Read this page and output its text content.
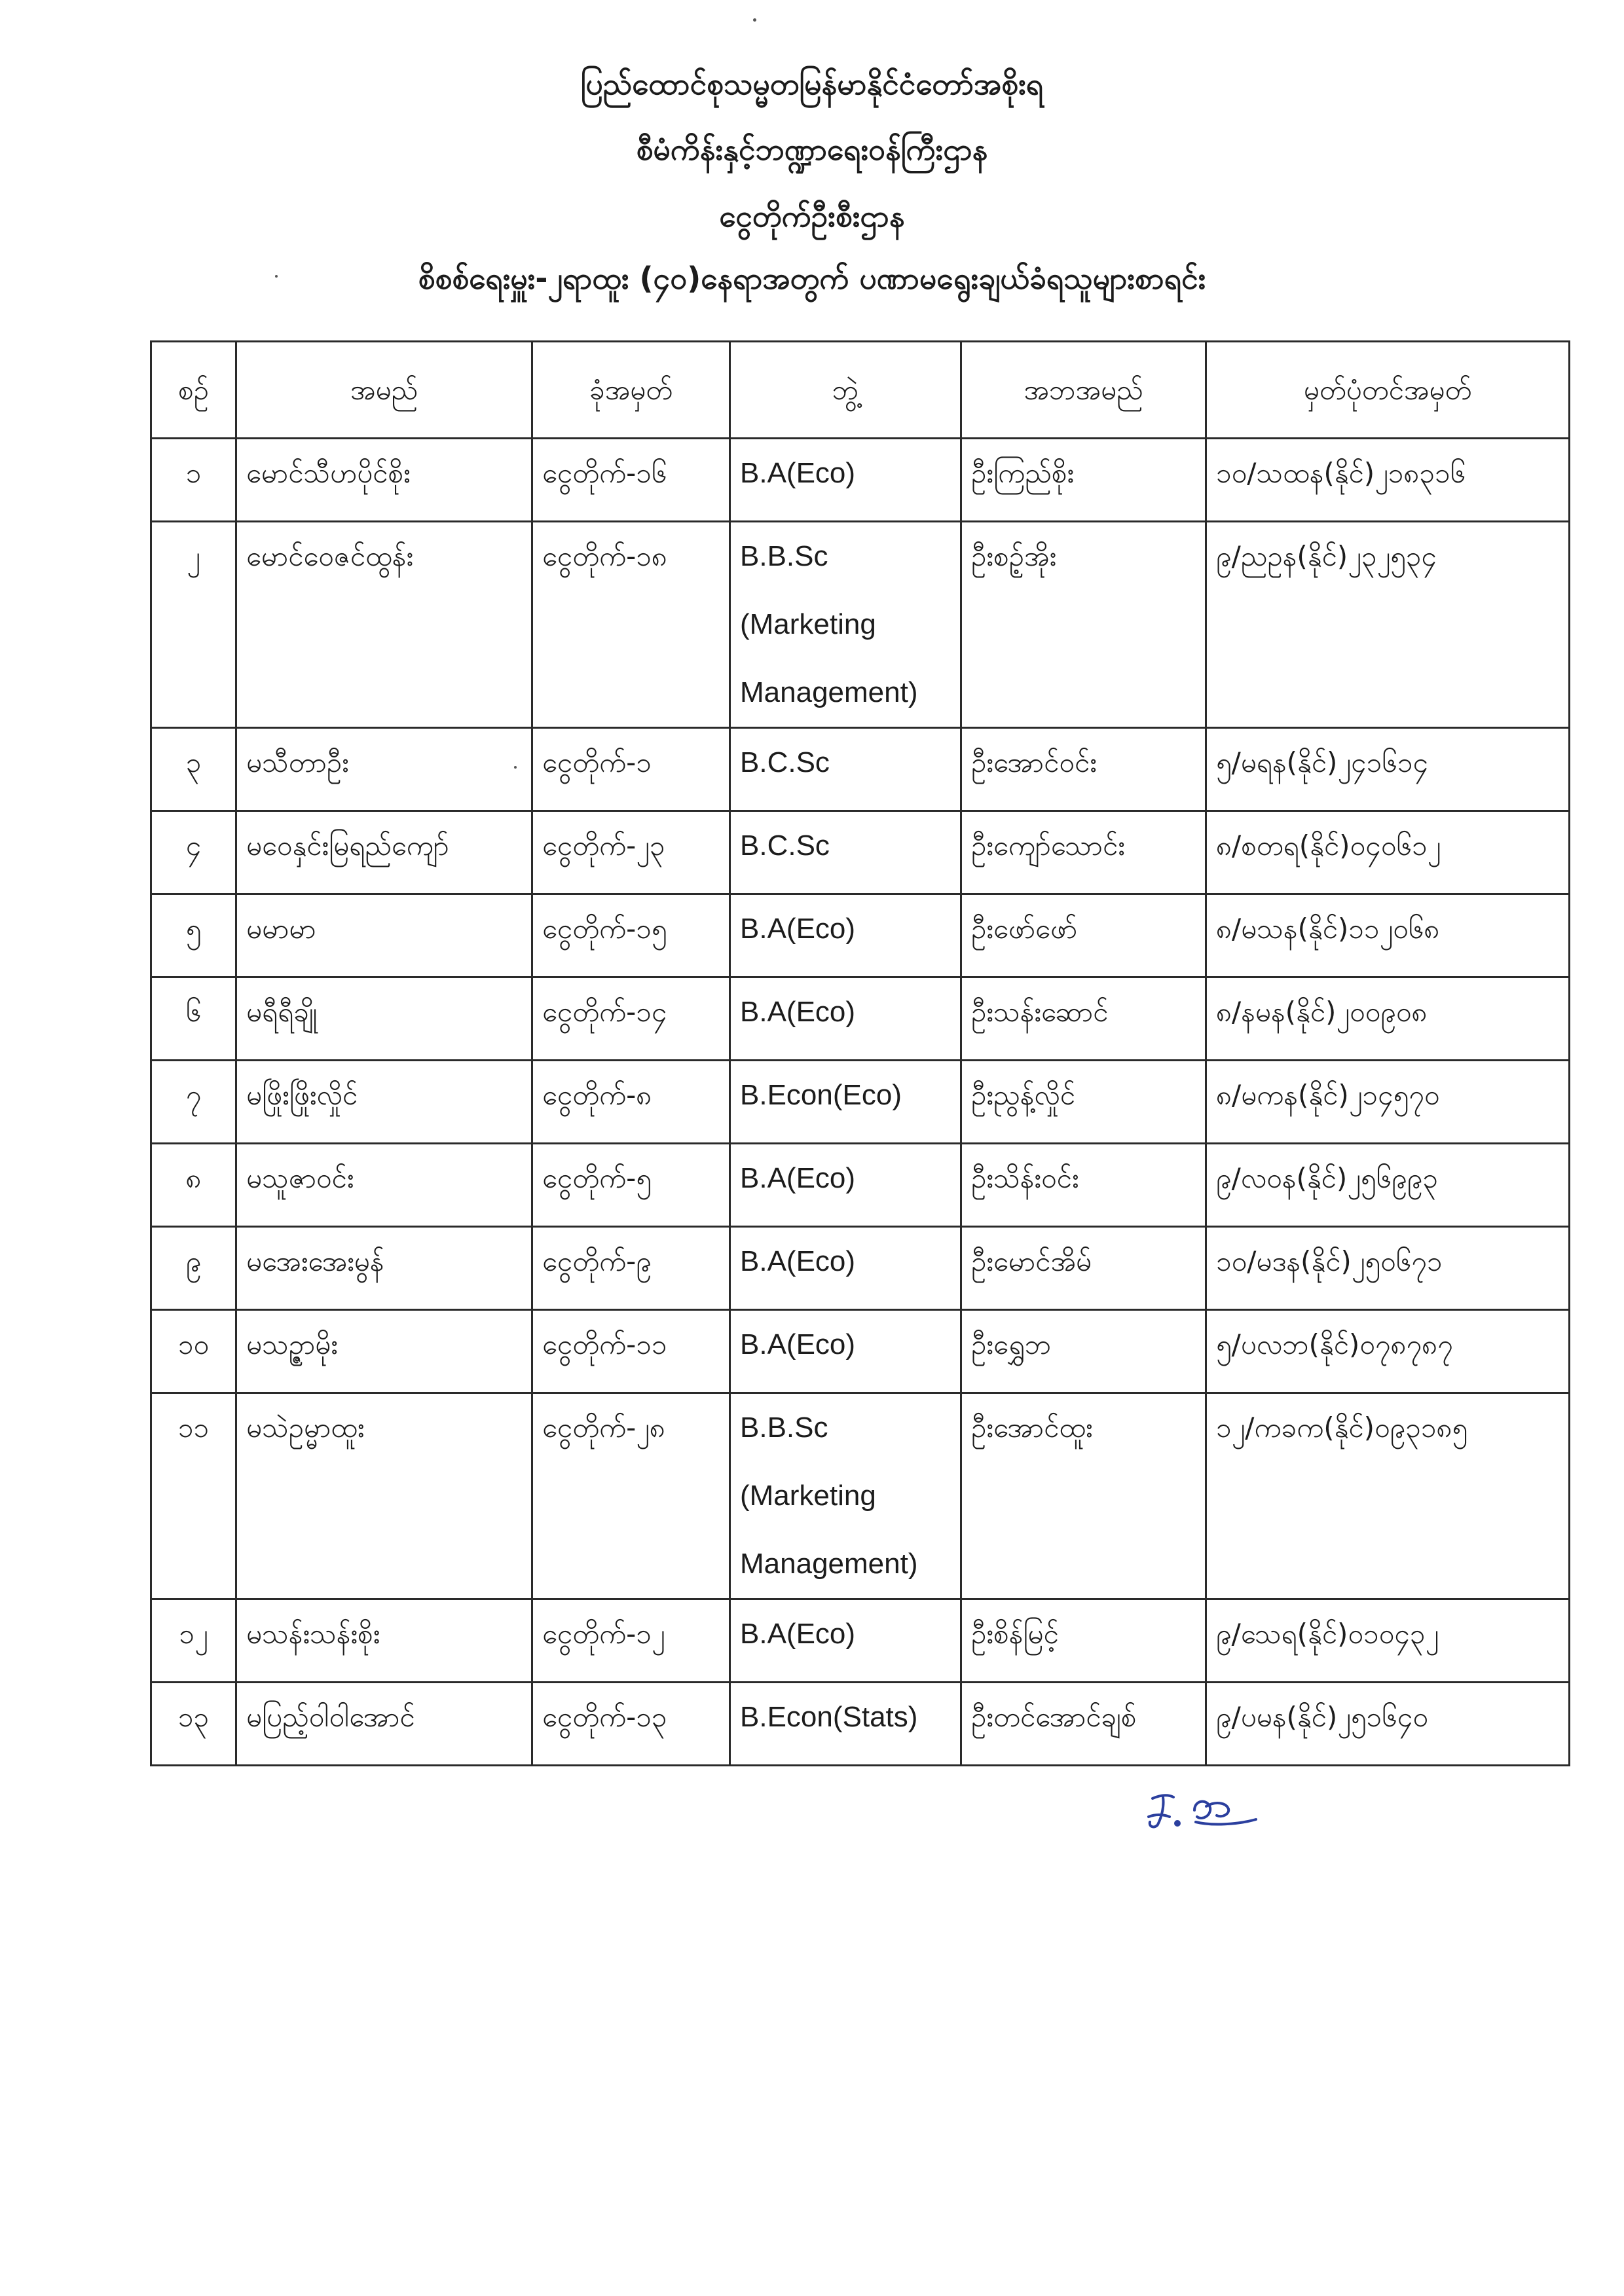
ပြည်ထောင်စုသမ္မတမြန်မာနိုင်ငံတော်အစိုးရ
စီမံကိန်းနှင့်ဘဏ္ဍာရေးဝန်ကြီးဌာန
ငွေတိုက်ဦးစီးဌာန
စိစစ်ရေးမှူး-၂ရာထူး (၄၀)နေရာအတွက် ပဏာမရွေးချယ်ခံရသူများစာရင်း
စဉ်	အမည်	ခုံအမှတ်	ဘွဲ့	အဘအမည်	မှတ်ပုံတင်အမှတ်
၁	မောင်သီဟပိုင်စိုး	ငွေတိုက်-၁၆	B.A(Eco)	ဦးကြည်စိုး	၁၀/သထန(နိုင်)၂၁၈၃၁၆
၂	မောင်ဝေဇင်ထွန်း	ငွေတိုက်-၁၈	B.B.Sc
(Marketing
Management)	ဦးစဉ့်အိုး	၉/ညဥန(နိုင်)၂၃၂၅၃၄
၃	မသီတာဦး	ငွေတိုက်-၁	B.C.Sc	ဦးအောင်ဝင်း	၅/မရန(နိုင်)၂၄၁၆၁၄
၄	မဝေနှင်းမြရည်ကျော်	ငွေတိုက်-၂၃	B.C.Sc	ဦးကျော်သောင်း	၈/စတရ(နိုင်)၀၄၀၆၁၂
၅	မမာမာ	ငွေတိုက်-၁၅	B.A(Eco)	ဦးဖော်ဖော်	၈/မသန(နိုင်)၁၁၂၀၆၈
၆	မရီရီချို	ငွေတိုက်-၁၄	B.A(Eco)	ဦးသန်းဆောင်	၈/နမန(နိုင်)၂၀၀၉၀၈
၇	မဖြိုးဖြိုးလှိုင်	ငွေတိုက်-၈	B.Econ(Eco)	ဦးညွန့်လှိုင်	၈/မကန(နိုင်)၂၁၄၅၇၀
၈	မသူဇာဝင်း	ငွေတိုက်-၅	B.A(Eco)	ဦးသိန်းဝင်း	၉/လဝန(နိုင်)၂၅၆၉၉၃
၉	မအေးအေးမွန်	ငွေတိုက်-၉	B.A(Eco)	ဦးမောင်အိမ်	၁၀/မဒန(နိုင်)၂၅၀၆၇၁
၁၀	မသဥ္ဇာမိုး	ငွေတိုက်-၁၁	B.A(Eco)	ဦးရွှေဘ	၅/ပလဘ(နိုင်)၀၇၈၇၈၇
၁၁	မသဲဥမ္မာထူး	ငွေတိုက်-၂၈	B.B.Sc
(Marketing
Management)	ဦးအောင်ထူး	၁၂/ကခက(နိုင်)၀၉၃၁၈၅
၁၂	မသန်းသန်းစိုး	ငွေတိုက်-၁၂	B.A(Eco)	ဦးစိန်မြင့်	၉/သေရ(နိုင်)၀၁၀၄၃၂
၁၃	မပြည့်ဝါဝါအောင်	ငွေတိုက်-၁၃	B.Econ(Stats)	ဦးတင်အောင်ချစ်	၉/ပမန(နိုင်)၂၅၁၆၄၀
